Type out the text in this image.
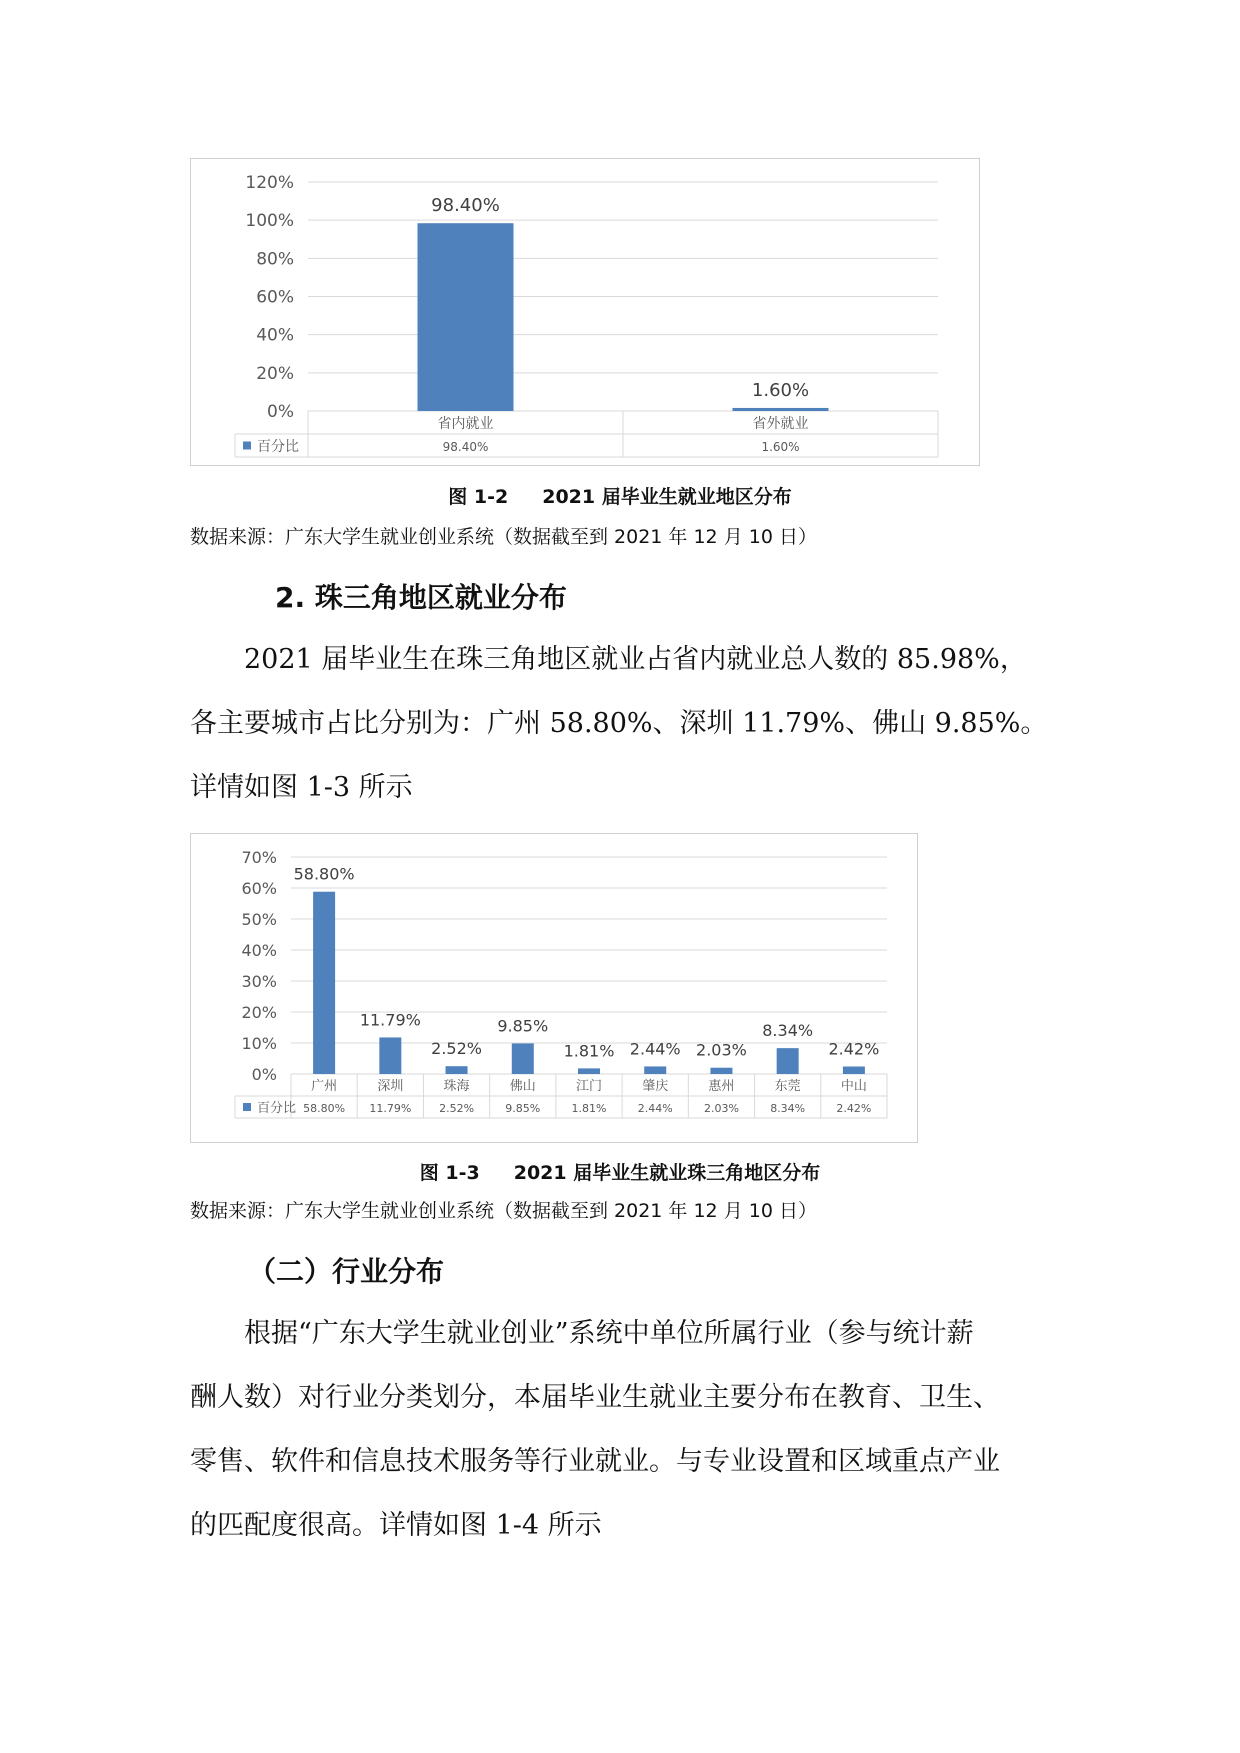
0%
20%
40%
60%
80%
100%
120%
98.40%
1.60%
省内就业
98.40%
省外就业
1.60%
百分比
图 1-2 2021 届毕业生就业地区分布
数据来源：广东大学生就业创业系统（数据截至到 2021 年 12 月 10 日）
2. 珠三角地区就业分布

2021 届毕业生在珠三角地区就业占省内就业总人数的 85.98%，
各主要城市占比分别为：广州 58.80%、深圳 11.79%、佛山 9.85%。
详情如图 1-3 所示

0%
10%
20%
30%
40%
50%
60%
70%
58.80%
11.79%
2.52%
9.85%
1.81% 2.44% 2.03%
8.34%
2.42%
广州
58.80%
深圳
11.79%
珠海
2.52%
佛山
9.85%
江门
1.81%
肇庆
2.44%
惠州
2.03%
东莞
8.34%
中山
2.42%
百分比
图 1-3 2021 届毕业生就业珠三角地区分布
数据来源：广东大学生就业创业系统（数据截至到 2021 年 12 月 10 日）
（二）行业分布

根据“广东大学生就业创业”系统中单位所属行业（参与统计薪
酬人数）对行业分类划分，本届毕业生就业主要分布在教育、卫生、
零售、软件和信息技术服务等行业就业。与专业设置和区域重点产业
的匹配度很高。详情如图 1-4 所示
